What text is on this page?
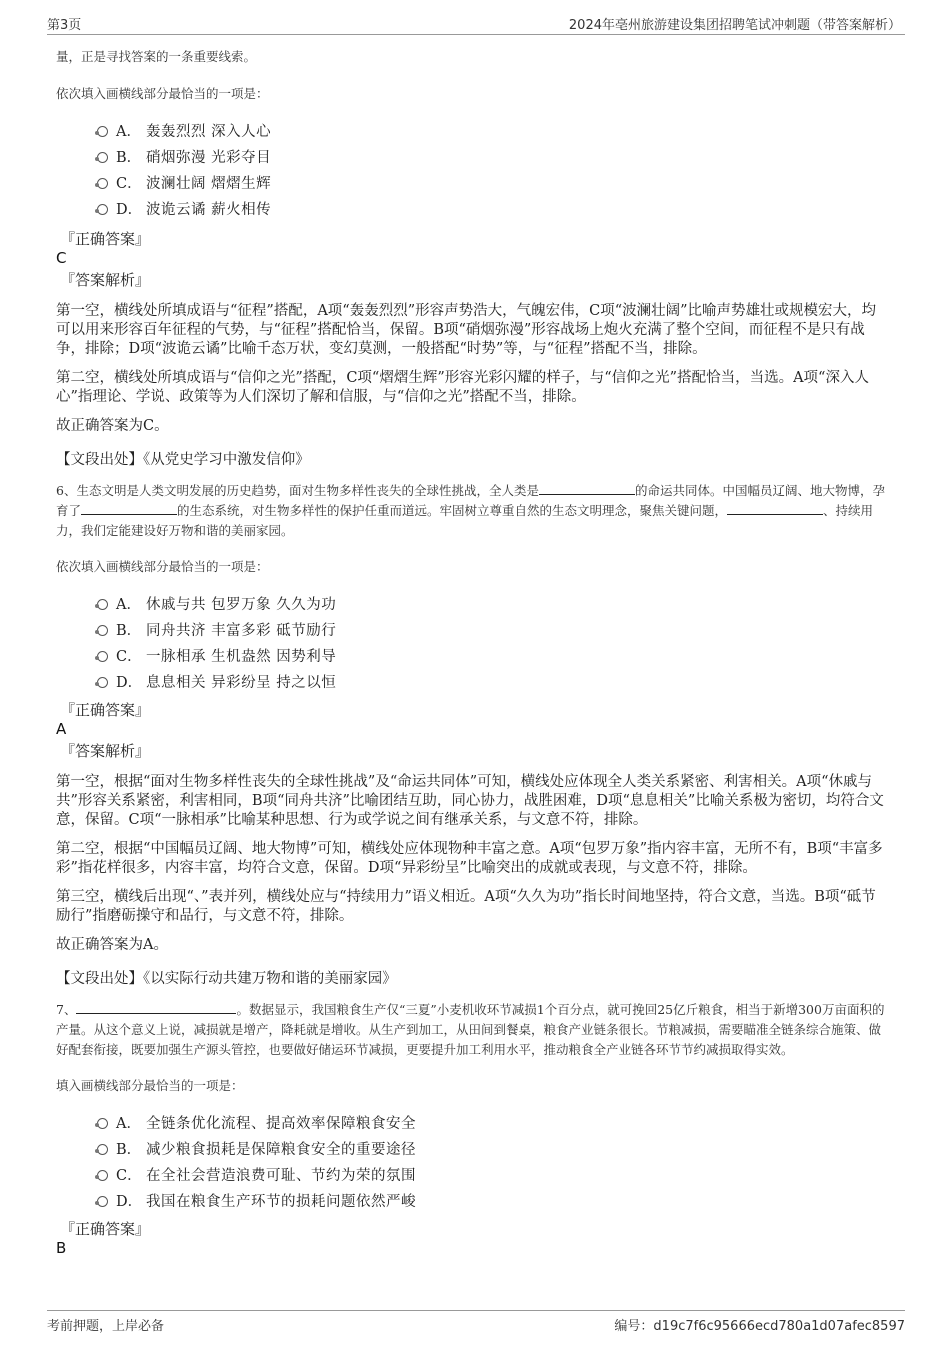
第3页	2024年亳州旅游建设集团招聘笔试冲刺题（带答案解析）

量，正是寻找答案的一条重要线索。

依次填入画横线部分最恰当的一项是：

A． 轰轰烈烈 深入人心
B． 硝烟弥漫 光彩夺目
C． 波澜壮阔 熠熠生辉
D． 波诡云谲 薪火相传

『正确答案』

C

『答案解析』

第一空，横线处所填成语与“征程”搭配，A项“轰轰烈烈”形容声势浩大，气魄宏伟，C项“波澜壮阔”比喻声势雄壮或规模宏大，均可以用来形容百年征程的气势，与“征程”搭配恰当，保留。B项“硝烟弥漫”形容战场上炮火充满了整个空间，而征程不是只有战争，排除；D项“波诡云谲”比喻千态万状，变幻莫测，一般搭配“时势”等，与“征程”搭配不当，排除。

第二空，横线处所填成语与“信仰之光”搭配，C项“熠熠生辉”形容光彩闪耀的样子，与“信仰之光”搭配恰当，当选。A项“深入人心”指理论、学说、政策等为人们深切了解和信服，与“信仰之光”搭配不当，排除。

故正确答案为C。

【文段出处】《从党史学习中激发信仰》

6、生态文明是人类文明发展的历史趋势，面对生物多样性丧失的全球性挑战，全人类是	的命运共同体。中国幅员辽阔、地大物博，孕育了	的生态系统，对生物多样性的保护任重而道远。牢固树立尊重自然的生态文明理念，聚焦关键问题，	、持续用力，我们定能建设好万物和谐的美丽家园。

依次填入画横线部分最恰当的一项是：

A． 休戚与共 包罗万象 久久为功
B． 同舟共济 丰富多彩 砥节励行
C． 一脉相承 生机盎然 因势利导
D． 息息相关 异彩纷呈 持之以恒

『正确答案』

A

『答案解析』

第一空，根据“面对生物多样性丧失的全球性挑战”及“命运共同体”可知，横线处应体现全人类关系紧密、利害相关。A项“休戚与共”形容关系紧密，利害相同，B项“同舟共济”比喻团结互助，同心协力，战胜困难，D项“息息相关”比喻关系极为密切，均符合文意，保留。C项“一脉相承”比喻某种思想、行为或学说之间有继承关系，与文意不符，排除。

第二空，根据“中国幅员辽阔、地大物博”可知，横线处应体现物种丰富之意。A项“包罗万象”指内容丰富，无所不有，B项“丰富多彩”指花样很多，内容丰富，均符合文意，保留。D项“异彩纷呈”比喻突出的成就或表现，与文意不符，排除。

第三空，横线后出现“、”表并列，横线处应与“持续用力”语义相近。A项“久久为功”指长时间地坚持，符合文意，当选。B项“砥节励行”指磨砺操守和品行，与文意不符，排除。

故正确答案为A。

【文段出处】《以实际行动共建万物和谐的美丽家园》

7、	。数据显示，我国粮食生产仅“三夏”小麦机收环节减损1个百分点，就可挽回25亿斤粮食，相当于新增300万亩面积的产量。从这个意义上说，减损就是增产，降耗就是增收。从生产到加工，从田间到餐桌，粮食产业链条很长。节粮减损，需要瞄准全链条综合施策、做好配套衔接，既要加强生产源头管控，也要做好储运环节减损，更要提升加工利用水平，推动粮食全产业链各环节节约减损取得实效。

填入画横线部分最恰当的一项是：

A． 全链条优化流程、提高效率保障粮食安全
B． 减少粮食损耗是保障粮食安全的重要途径
C． 在全社会营造浪费可耻、节约为荣的氛围
D． 我国在粮食生产环节的损耗问题依然严峻

『正确答案』

B

考前押题，上岸必备	编号：d19c7f6c95666ecd780a1d07afec8597
